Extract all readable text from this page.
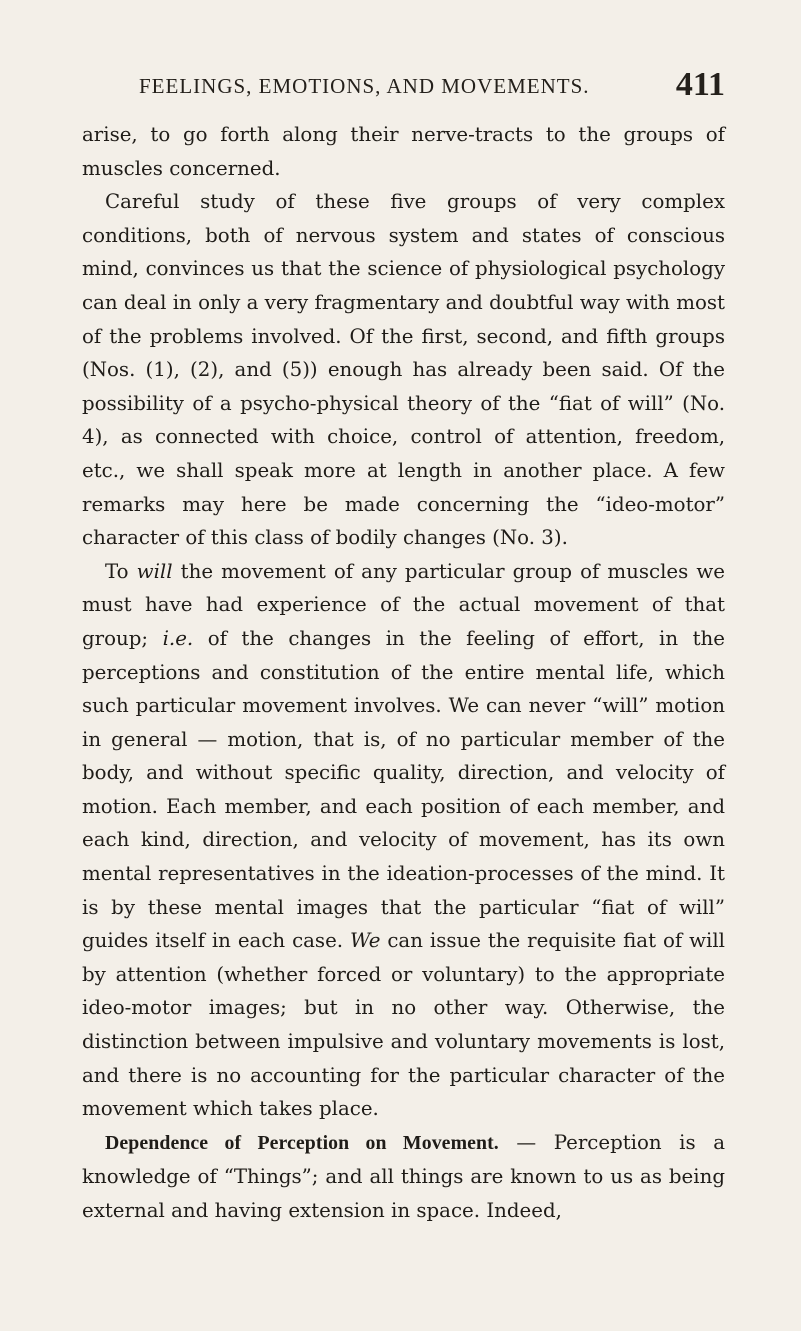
FEELINGS, EMOTIONS, AND MOVEMENTS.	411

arise, to go forth along their nerve-tracts to the groups of muscles concerned.

Careful study of these five groups of very complex conditions, both of nervous system and states of conscious mind, convinces us that the science of physiological psychology can deal in only a very fragmentary and doubtful way with most of the problems involved. Of the first, second, and fifth groups (Nos. (1), (2), and (5)) enough has already been said. Of the possibility of a psycho-physical theory of the “fiat of will” (No. 4), as connected with choice, control of attention, freedom, etc., we shall speak more at length in another place. A few remarks may here be made concerning the “ideo-motor” character of this class of bodily changes (No. 3).

To will the movement of any particular group of muscles we must have had experience of the actual movement of that group; i.e. of the changes in the feeling of effort, in the perceptions and constitution of the entire mental life, which such particular movement involves. We can never “will” motion in general — motion, that is, of no particular member of the body, and without specific quality, direction, and velocity of motion. Each member, and each position of each member, and each kind, direction, and velocity of movement, has its own mental representatives in the ideation-processes of the mind. It is by these mental images that the particular “fiat of will” guides itself in each case. We can issue the requisite fiat of will by attention (whether forced or voluntary) to the appropriate ideo-motor images; but in no other way. Otherwise, the distinction between impulsive and voluntary movements is lost, and there is no accounting for the particular character of the movement which takes place.

Dependence of Perception on Movement. — Perception is a knowledge of “Things”; and all things are known to us as being external and having extension in space. Indeed,
